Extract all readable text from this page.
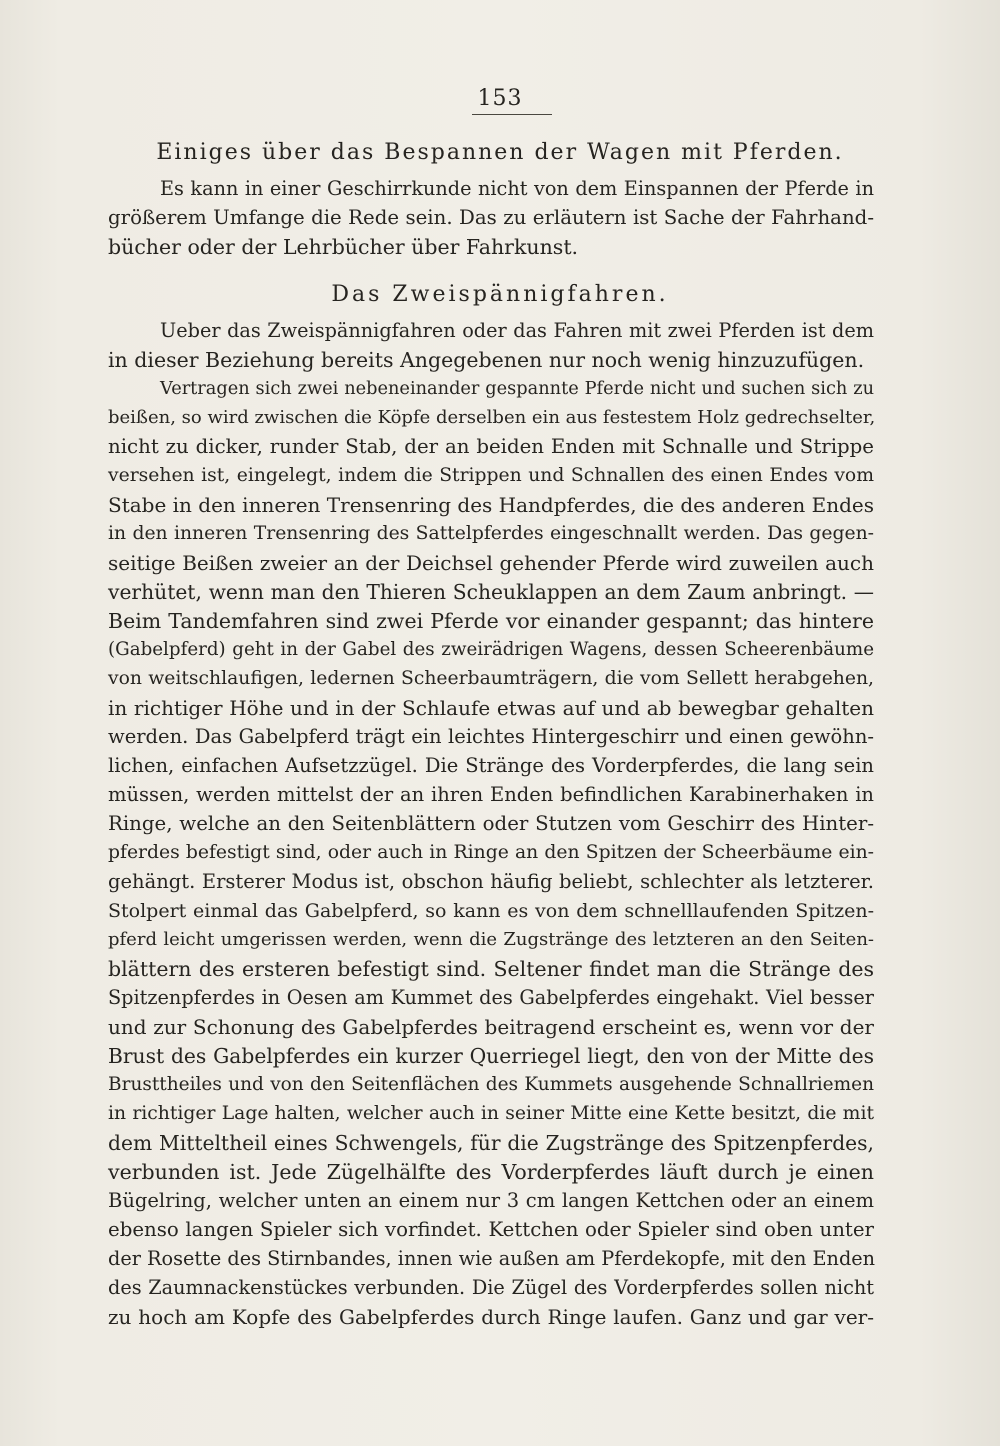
153
Einiges über das Bespannen der Wagen mit Pferden.
Es kann in einer Geschirrkunde nicht von dem Einspannen der Pferde in
größerem Umfange die Rede sein. Das zu erläutern ist Sache der Fahrhand-
bücher oder der Lehrbücher über Fahrkunst.
Das Zweispännigfahren.
Ueber das Zweispännigfahren oder das Fahren mit zwei Pferden ist dem
in dieser Beziehung bereits Angegebenen nur noch wenig hinzuzufügen.
Vertragen sich zwei nebeneinander gespannte Pferde nicht und suchen sich zu
beißen, so wird zwischen die Köpfe derselben ein aus festestem Holz gedrechselter,
nicht zu dicker, runder Stab, der an beiden Enden mit Schnalle und Strippe
versehen ist, eingelegt, indem die Strippen und Schnallen des einen Endes vom
Stabe in den inneren Trensenring des Handpferdes, die des anderen Endes
in den inneren Trensenring des Sattelpferdes eingeschnallt werden. Das gegen-
seitige Beißen zweier an der Deichsel gehender Pferde wird zuweilen auch
verhütet, wenn man den Thieren Scheuklappen an dem Zaum anbringt. —
Beim Tandemfahren sind zwei Pferde vor einander gespannt; das hintere
(Gabelpferd) geht in der Gabel des zweirädrigen Wagens, dessen Scheerenbäume
von weitschlaufigen, ledernen Scheerbaumträgern, die vom Sellett herabgehen,
in richtiger Höhe und in der Schlaufe etwas auf und ab bewegbar gehalten
werden. Das Gabelpferd trägt ein leichtes Hintergeschirr und einen gewöhn-
lichen, einfachen Aufsetzzügel. Die Stränge des Vorderpferdes, die lang sein
müssen, werden mittelst der an ihren Enden befindlichen Karabinerhaken in
Ringe, welche an den Seitenblättern oder Stutzen vom Geschirr des Hinter-
pferdes befestigt sind, oder auch in Ringe an den Spitzen der Scheerbäume ein-
gehängt. Ersterer Modus ist, obschon häufig beliebt, schlechter als letzterer.
Stolpert einmal das Gabelpferd, so kann es von dem schnelllaufenden Spitzen-
pferd leicht umgerissen werden, wenn die Zugstränge des letzteren an den Seiten-
blättern des ersteren befestigt sind. Seltener findet man die Stränge des
Spitzenpferdes in Oesen am Kummet des Gabelpferdes eingehakt. Viel besser
und zur Schonung des Gabelpferdes beitragend erscheint es, wenn vor der
Brust des Gabelpferdes ein kurzer Querriegel liegt, den von der Mitte des
Brusttheiles und von den Seitenflächen des Kummets ausgehende Schnallriemen
in richtiger Lage halten, welcher auch in seiner Mitte eine Kette besitzt, die mit
dem Mitteltheil eines Schwengels, für die Zugstränge des Spitzenpferdes,
verbunden ist. Jede Zügelhälfte des Vorderpferdes läuft durch je einen
Bügelring, welcher unten an einem nur 3 cm langen Kettchen oder an einem
ebenso langen Spieler sich vorfindet. Kettchen oder Spieler sind oben unter
der Rosette des Stirnbandes, innen wie außen am Pferdekopfe, mit den Enden
des Zaumnackenstückes verbunden. Die Zügel des Vorderpferdes sollen nicht
zu hoch am Kopfe des Gabelpferdes durch Ringe laufen. Ganz und gar ver-
